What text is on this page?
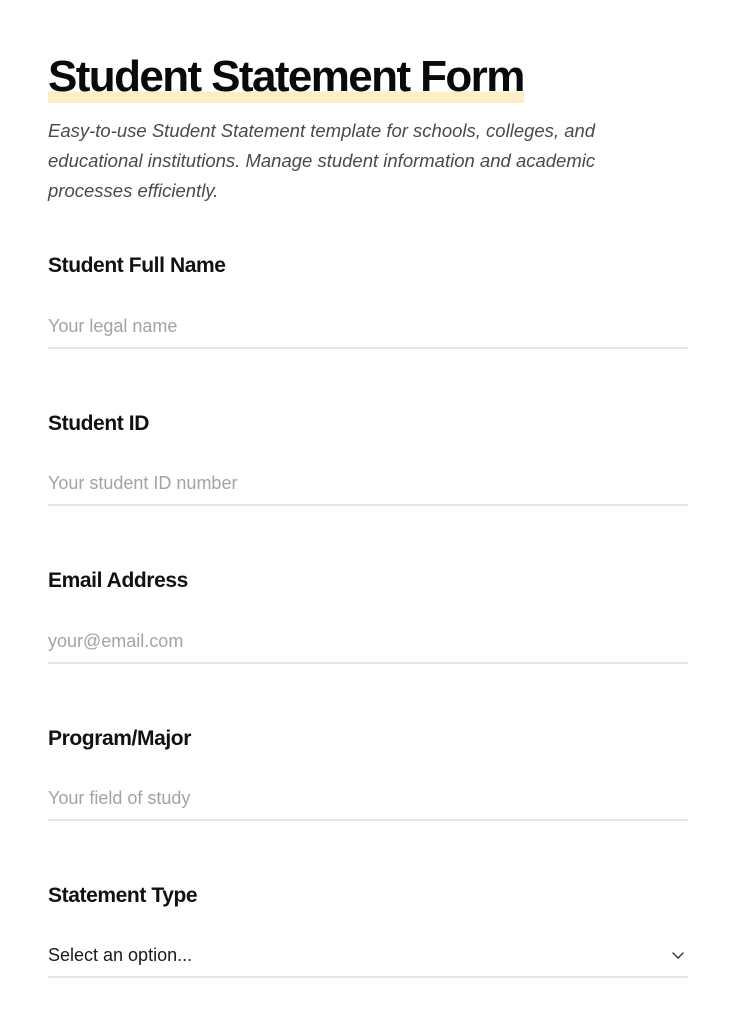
Student Statement Form

Easy-to-use Student Statement template for schools, colleges, and educational institutions. Manage student information and academic processes efficiently.

Student Full Name

Your legal name

Student ID

Your student ID number

Email Address

your@email.com

Program/Major

Your field of study

Statement Type

Select an option...
